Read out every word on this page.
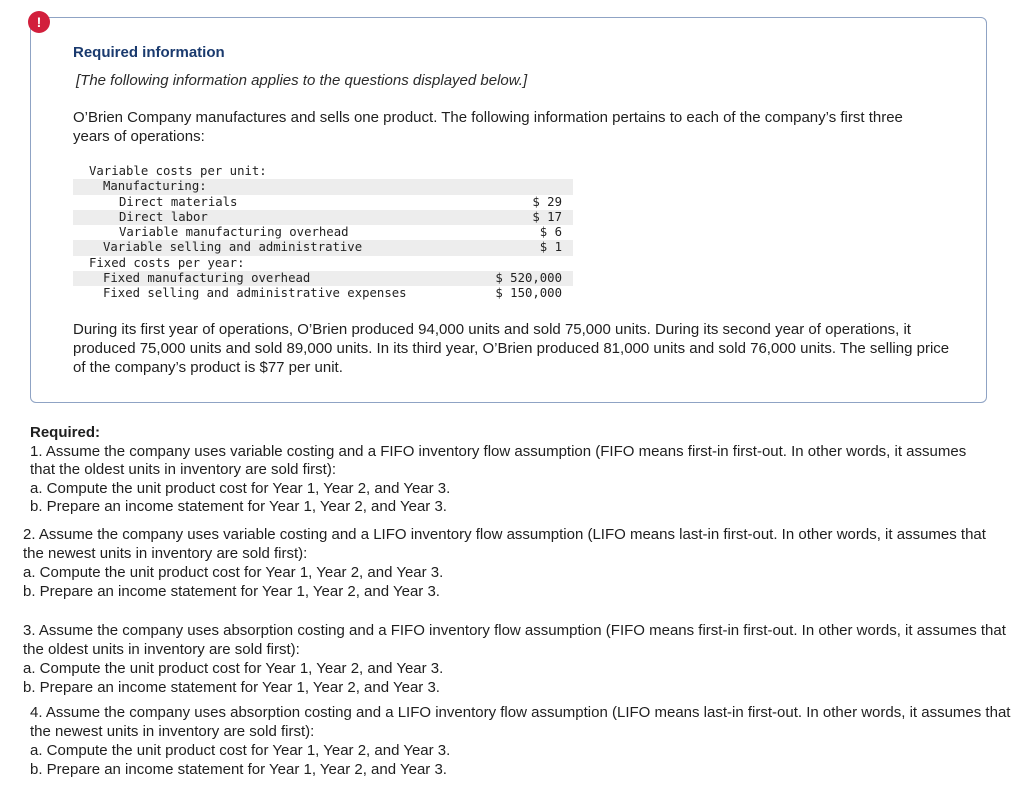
!
Required information
[The following information applies to the questions displayed below.]
O’Brien Company manufactures and sells one product. The following information pertains to each of the company’s first three years of operations:
Variable costs per unit:
Manufacturing:
Direct materials	$ 29
Direct labor	$ 17
Variable manufacturing overhead	$ 6
Variable selling and administrative	$ 1
Fixed costs per year:
Fixed manufacturing overhead	$ 520,000
Fixed selling and administrative expenses	$ 150,000
During its first year of operations, O’Brien produced 94,000 units and sold 75,000 units. During its second year of operations, it produced 75,000 units and sold 89,000 units. In its third year, O’Brien produced 81,000 units and sold 76,000 units. The selling price of the company’s product is $77 per unit.
Required:
1. Assume the company uses variable costing and a FIFO inventory flow assumption (FIFO means first-in first-out. In other words, it assumes that the oldest units in inventory are sold first):
a. Compute the unit product cost for Year 1, Year 2, and Year 3.
b. Prepare an income statement for Year 1, Year 2, and Year 3.
2. Assume the company uses variable costing and a LIFO inventory flow assumption (LIFO means last-in first-out. In other words, it assumes that the newest units in inventory are sold first):
a. Compute the unit product cost for Year 1, Year 2, and Year 3.
b. Prepare an income statement for Year 1, Year 2, and Year 3.
3. Assume the company uses absorption costing and a FIFO inventory flow assumption (FIFO means first-in first-out. In other words, it assumes that the oldest units in inventory are sold first):
a. Compute the unit product cost for Year 1, Year 2, and Year 3.
b. Prepare an income statement for Year 1, Year 2, and Year 3.
4. Assume the company uses absorption costing and a LIFO inventory flow assumption (LIFO means last-in first-out. In other words, it assumes that the newest units in inventory are sold first):
a. Compute the unit product cost for Year 1, Year 2, and Year 3.
b. Prepare an income statement for Year 1, Year 2, and Year 3.
